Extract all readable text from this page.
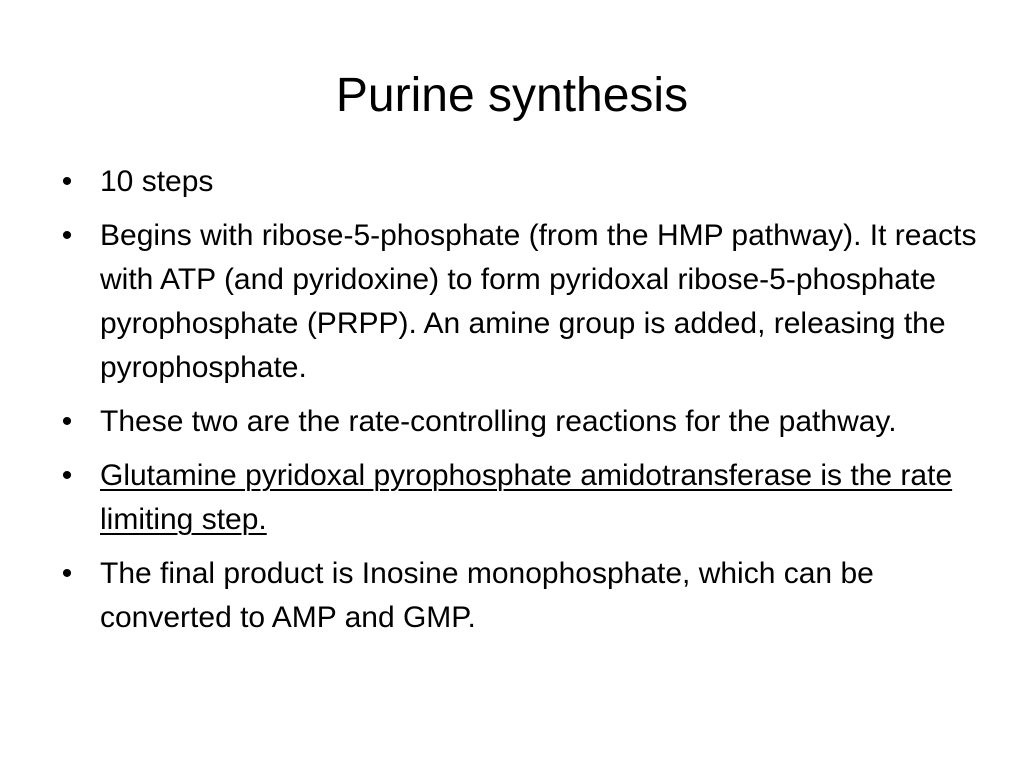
Purine synthesis
• 10 steps
• Begins with ribose-5-phosphate (from the HMP pathway). It reacts with ATP (and pyridoxine) to form pyridoxal ribose-5-phosphate pyrophosphate (PRPP). An amine group is added, releasing the pyrophosphate.
• These two are the rate-controlling reactions for the pathway.
• Glutamine pyridoxal pyrophosphate amidotransferase is the rate limiting step.
• The final product is Inosine monophosphate, which can be converted to AMP and GMP.
